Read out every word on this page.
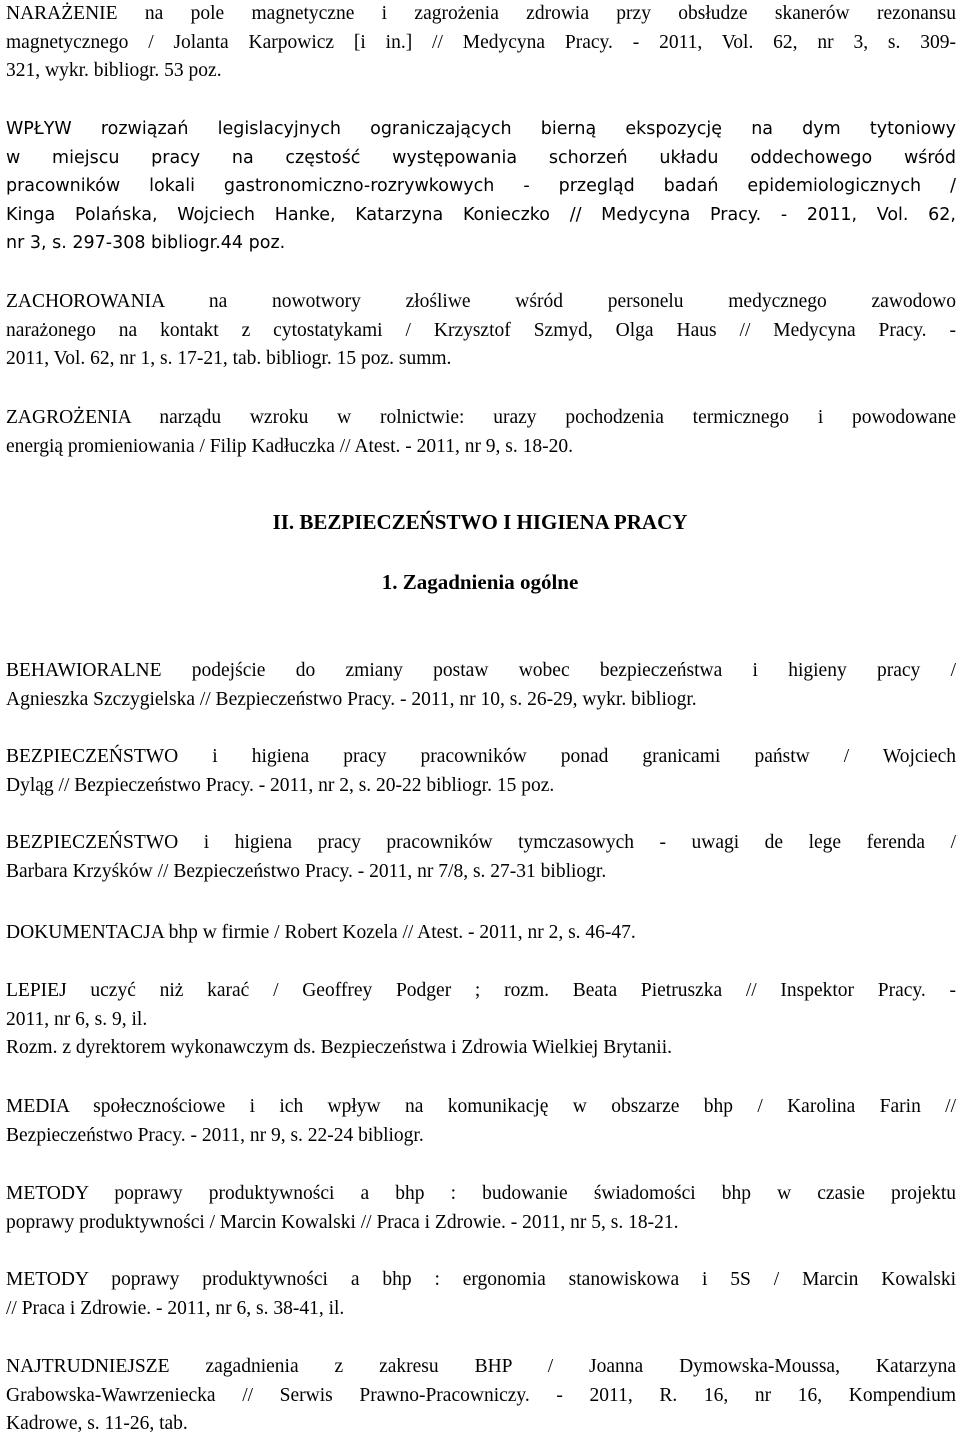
NARAŻENIE na pole magnetyczne i zagrożenia zdrowia przy obsłudze skanerów rezonansu
magnetycznego / Jolanta Karpowicz [i in.] // Medycyna Pracy. - 2011, Vol. 62, nr 3, s. 309-
321, wykr. bibliogr. 53 poz.

WPŁYW rozwiązań legislacyjnych ograniczających bierną ekspozycję na dym tytoniowy
w miejscu pracy na częstość występowania schorzeń układu oddechowego wśród
pracowników lokali gastronomiczno-rozrywkowych - przegląd badań epidemiologicznych /
Kinga Polańska, Wojciech Hanke, Katarzyna Konieczko // Medycyna Pracy. - 2011, Vol. 62,
nr 3, s. 297-308 bibliogr.44 poz.

ZACHOROWANIA na nowotwory złośliwe wśród personelu medycznego zawodowo
narażonego na kontakt z cytostatykami / Krzysztof Szmyd, Olga Haus // Medycyna Pracy. -
2011, Vol. 62, nr 1, s. 17-21, tab. bibliogr. 15 poz. summ.

ZAGROŻENIA narządu wzroku w rolnictwie: urazy pochodzenia termicznego i powodowane
energią promieniowania / Filip Kadłuczka // Atest. - 2011, nr 9, s. 18-20.

II. BEZPIECZEŃSTWO I HIGIENA PRACY
1. Zagadnienia ogólne

BEHAWIORALNE podejście do zmiany postaw wobec bezpieczeństwa i higieny pracy /
Agnieszka Szczygielska // Bezpieczeństwo Pracy. - 2011, nr 10, s. 26-29, wykr. bibliogr.

BEZPIECZEŃSTWO i higiena pracy pracowników ponad granicami państw / Wojciech
Dyląg // Bezpieczeństwo Pracy. - 2011, nr 2, s. 20-22 bibliogr. 15 poz.

BEZPIECZEŃSTWO i higiena pracy pracowników tymczasowych - uwagi de lege ferenda /
Barbara Krzyśków // Bezpieczeństwo Pracy. - 2011, nr 7/8, s. 27-31 bibliogr.

DOKUMENTACJA bhp w firmie / Robert Kozela // Atest. - 2011, nr 2, s. 46-47.

LEPIEJ uczyć niż karać / Geoffrey Podger ; rozm. Beata Pietruszka // Inspektor Pracy. -
2011, nr 6, s. 9, il.
Rozm. z dyrektorem wykonawczym ds. Bezpieczeństwa i Zdrowia Wielkiej Brytanii.

MEDIA społecznościowe i ich wpływ na komunikację w obszarze bhp / Karolina Farin //
Bezpieczeństwo Pracy. - 2011, nr 9, s. 22-24 bibliogr.

METODY poprawy produktywności a bhp : budowanie świadomości bhp w czasie projektu
poprawy produktywności / Marcin Kowalski // Praca i Zdrowie. - 2011, nr 5, s. 18-21.

METODY poprawy produktywności a bhp : ergonomia stanowiskowa i 5S / Marcin Kowalski
// Praca i Zdrowie. - 2011, nr 6, s. 38-41, il.

NAJTRUDNIEJSZE zagadnienia z zakresu BHP / Joanna Dymowska-Moussa, Katarzyna
Grabowska-Wawrzeniecka // Serwis Prawno-Pracowniczy. - 2011, R. 16, nr 16, Kompendium
Kadrowe, s. 11-26, tab.
